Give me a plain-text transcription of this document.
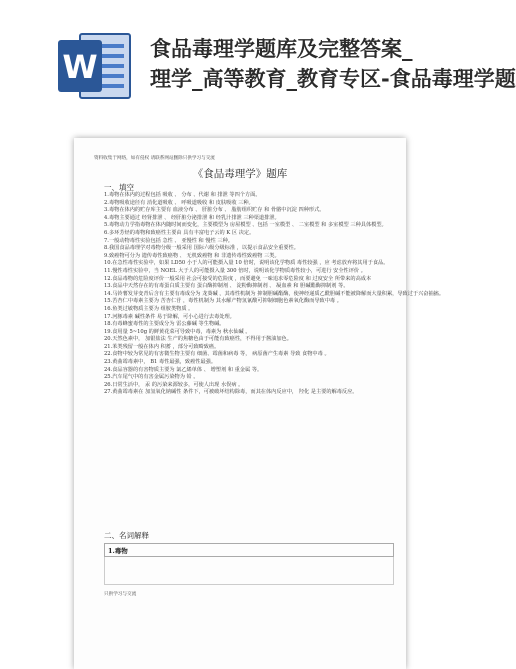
W 食品毒理学题库及完整答案_
理学_高等教育_教育专区-食品毒理学题
资料收集于网络，如有侵权 请联系网站删除只供学习与交流
《食品毒理学》题库
一、填空
1.毒物在体内的过程包括 吸收 、 分布 、代谢 和 排泄 等四个方面。
2.毒物吸收途径有 消化道吸收 、 呼吸道吸收 和 皮肤吸收 三种。
3.毒物在体内的贮存库主要有 血液分布 、 肝脏分布 、 脂肪组织贮存 和 骨骼中沉淀 四种形式。
4.毒物主要通过 经肾排泄 、 经肝脏分泌排泄 和 经乳汁排泄 三种渠道排泄。
5.毒物动力学指毒物在体内随时间而变化，主要模型为 房屋模型 、包括 一室模型 、 二室模型 和 多室模型 三种具体模型。
6.多环芳烃的毒物和致癌性主要由 具有丰富电子云的 K 区 决定。
7.一般动物毒性实验包括 急性 、 亚慢性 和 慢性 三种。
8.我国食品毒理学对毒物分级一般采用 国际六级分级标准 ，以提示食品安全重要性。
9.致癌物可分为 遗传毒性致癌物 、 无机致癌物 和 非遗传毒性致癌物 三类。
10.在急性毒性实验中，如果 LD50 小于人的可能摄入量 10 倍时，说明该化学物质 毒性较强 ，应 考虑放弃将其用于食品。
11.慢性毒性实验中，当 NOEL 大于人的可能摄入量 300 倍时，说明该化学物质毒性较小，可进行 安全性评价 。
12.食品毒物的危险度评价一般采用 社会可接受的危险度 ，而要避免 一味追求零危险度 和 过度安全 所带来的高成本
13.食品中天然存在的有毒蛋白质主要有 蛋白酶抑制剂 、 淀粉酶抑制剂 、 凝血素 和 胆碱酯酶抑制剂 等。
14.马铃薯发芽变青后含有主要有毒成分为 龙葵碱 ，其毒性机制为 抑制胆碱酯酶，使神经递质乙酰胆碱不能被降解而大量积累，导致过于兴奋抽搐。
15.苦杏仁中毒素主要为 苦杏仁苷 ，毒性机制为 其水解产物氢氰酸可抑制细胞色素氧化酶而导致中毒 。
16.鱼类过敏物质主要为 组胺类物质 。
17.河豚毒素 碱性条件 易于降解，可小心进行去毒处理。
18.有毒蜂蜜毒性的主要成分为 雷公藤碱 等生物碱。
19.食用量 5~10g 的鲜黄花菜可导致中毒，毒素为 秋水仙碱 。
20.天然色素中， 加银盐法 生产的焦糖色由于可能有致癌性，不得用于酱油加色。
21.苯类残留一般在体内 积蓄 ，部分可致畸致癌。
22.食物中较为常见的有害微生物主要有 细菌、霉菌和病毒 等， 病原菌产生毒素 导致 食物中毒 。
23.黄曲霉毒素中， B1 毒性最强，致癌性最强。
24.食品容器的有害物质主要为 氯乙烯单体 、 增塑剂 和 重金属 等。
25.汽车尾气中的有害金属污染物为 铅 。
26.日常生活中， 汞 的污染来源较多，可使人出现 水俣病 。
27.黄曲霉毒素在 加氢氧化钠碱性 条件下，可被破坏结构除毒，而其在体内反应中， 羟化 是主要的解毒反应。
二、名词解释
1.毒物
只供学习与交流
